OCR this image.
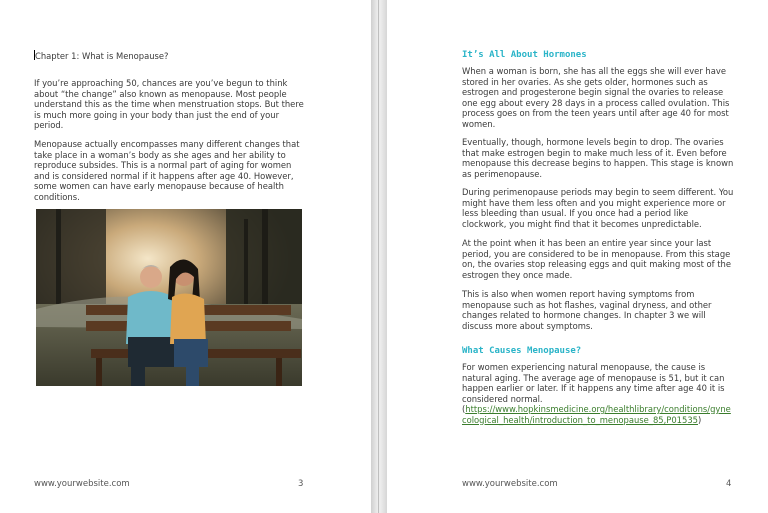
Chapter 1: What is Menopause?

If you’re approaching 50, chances are you’ve begun to think about “the change” also known as menopause. Most people understand this as the time when menstruation stops. But there is much more going in your body than just the end of your period.

Menopause actually encompasses many different changes that take place in a woman’s body as she ages and her ability to reproduce subsides. This is a normal part of aging for women and is considered normal if it happens after age 40. However, some women can have early menopause because of health conditions.

www.yourwebsite.com	3

It’s All About Hormones

When a woman is born, she has all the eggs she will ever have stored in her ovaries. As she gets older, hormones such as estrogen and progesterone begin signal the ovaries to release one egg about every 28 days in a process called ovulation. This process goes on from the teen years until after age 40 for most women.

Eventually, though, hormone levels begin to drop. The ovaries that make estrogen begin to make much less of it. Even before menopause this decrease begins to happen. This stage is known as perimenopause.

During perimenopause periods may begin to seem different. You might have them less often and you might experience more or less bleeding than usual. If you once had a period like clockwork, you might find that it becomes unpredictable.

At the point when it has been an entire year since your last period, you are considered to be in menopause. From this stage on, the ovaries stop releasing eggs and quit making most of the estrogen they once made.

This is also when women report having symptoms from menopause such as hot flashes, vaginal dryness, and other changes related to hormone changes. In chapter 3 we will discuss more about symptoms.

What Causes Menopause?

For women experiencing natural menopause, the cause is natural aging. The average age of menopause is 51, but it can happen earlier or later. If it happens any time after age 40 it is considered normal.
(https://www.hopkinsmedicine.org/healthlibrary/conditions/gynecological_health/introduction_to_menopause_85,P01535)
www.yourwebsite.com	4
